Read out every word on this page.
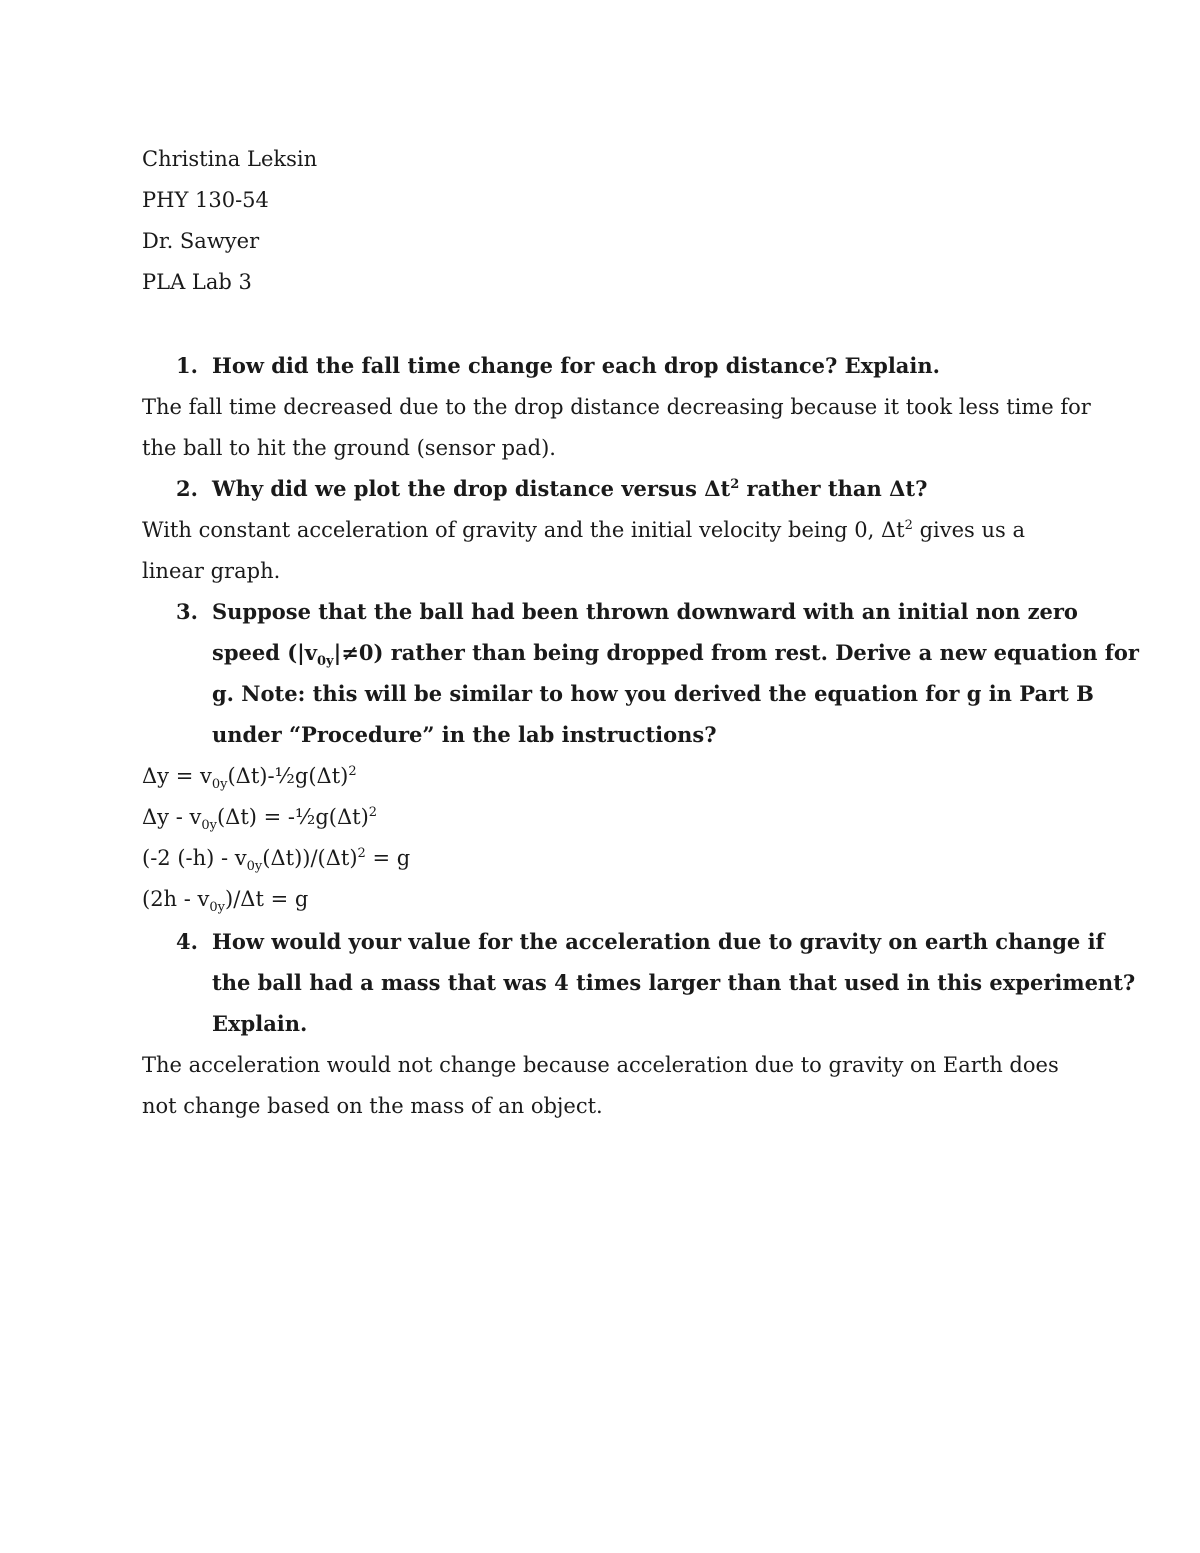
Christina Leksin
PHY 130-54
Dr. Sawyer
PLA Lab 3
1. How did the fall time change for each drop distance? Explain.
The fall time decreased due to the drop distance decreasing because it took less time for
the ball to hit the ground (sensor pad).
2. Why did we plot the drop distance versus $\Delta t^2$ rather than Δt?
With constant acceleration of gravity and the initial velocity being 0, $\Delta t^2$ gives us a
linear graph.
3. Suppose that the ball had been thrown downward with an initial non zero
speed $(|v_{0y}|\ne 0)$ rather than being dropped from rest. Derive a new equation for
g. Note: this will be similar to how you derived the equation for g in Part B
under “Procedure” in the lab instructions?
$\Delta y = v_{0y}(\Delta t)-\frac{1}{2}g(\Delta t)^2$
Δy - $v_{0y}(\Delta t)$ = $-\frac{1}{2}g(\Delta t)^2$
(-2 $(-h) - v_{0y}(\Delta t))/(\Delta t)^2 = g$
$(2h - v_{0y})/\Delta t = g$
4. How would your value for the acceleration due to gravity on earth change if
the ball had a mass that was 4 times larger than that used in this experiment?
Explain.
The acceleration would not change because acceleration due to gravity on Earth does
not change based on the mass of an object.
